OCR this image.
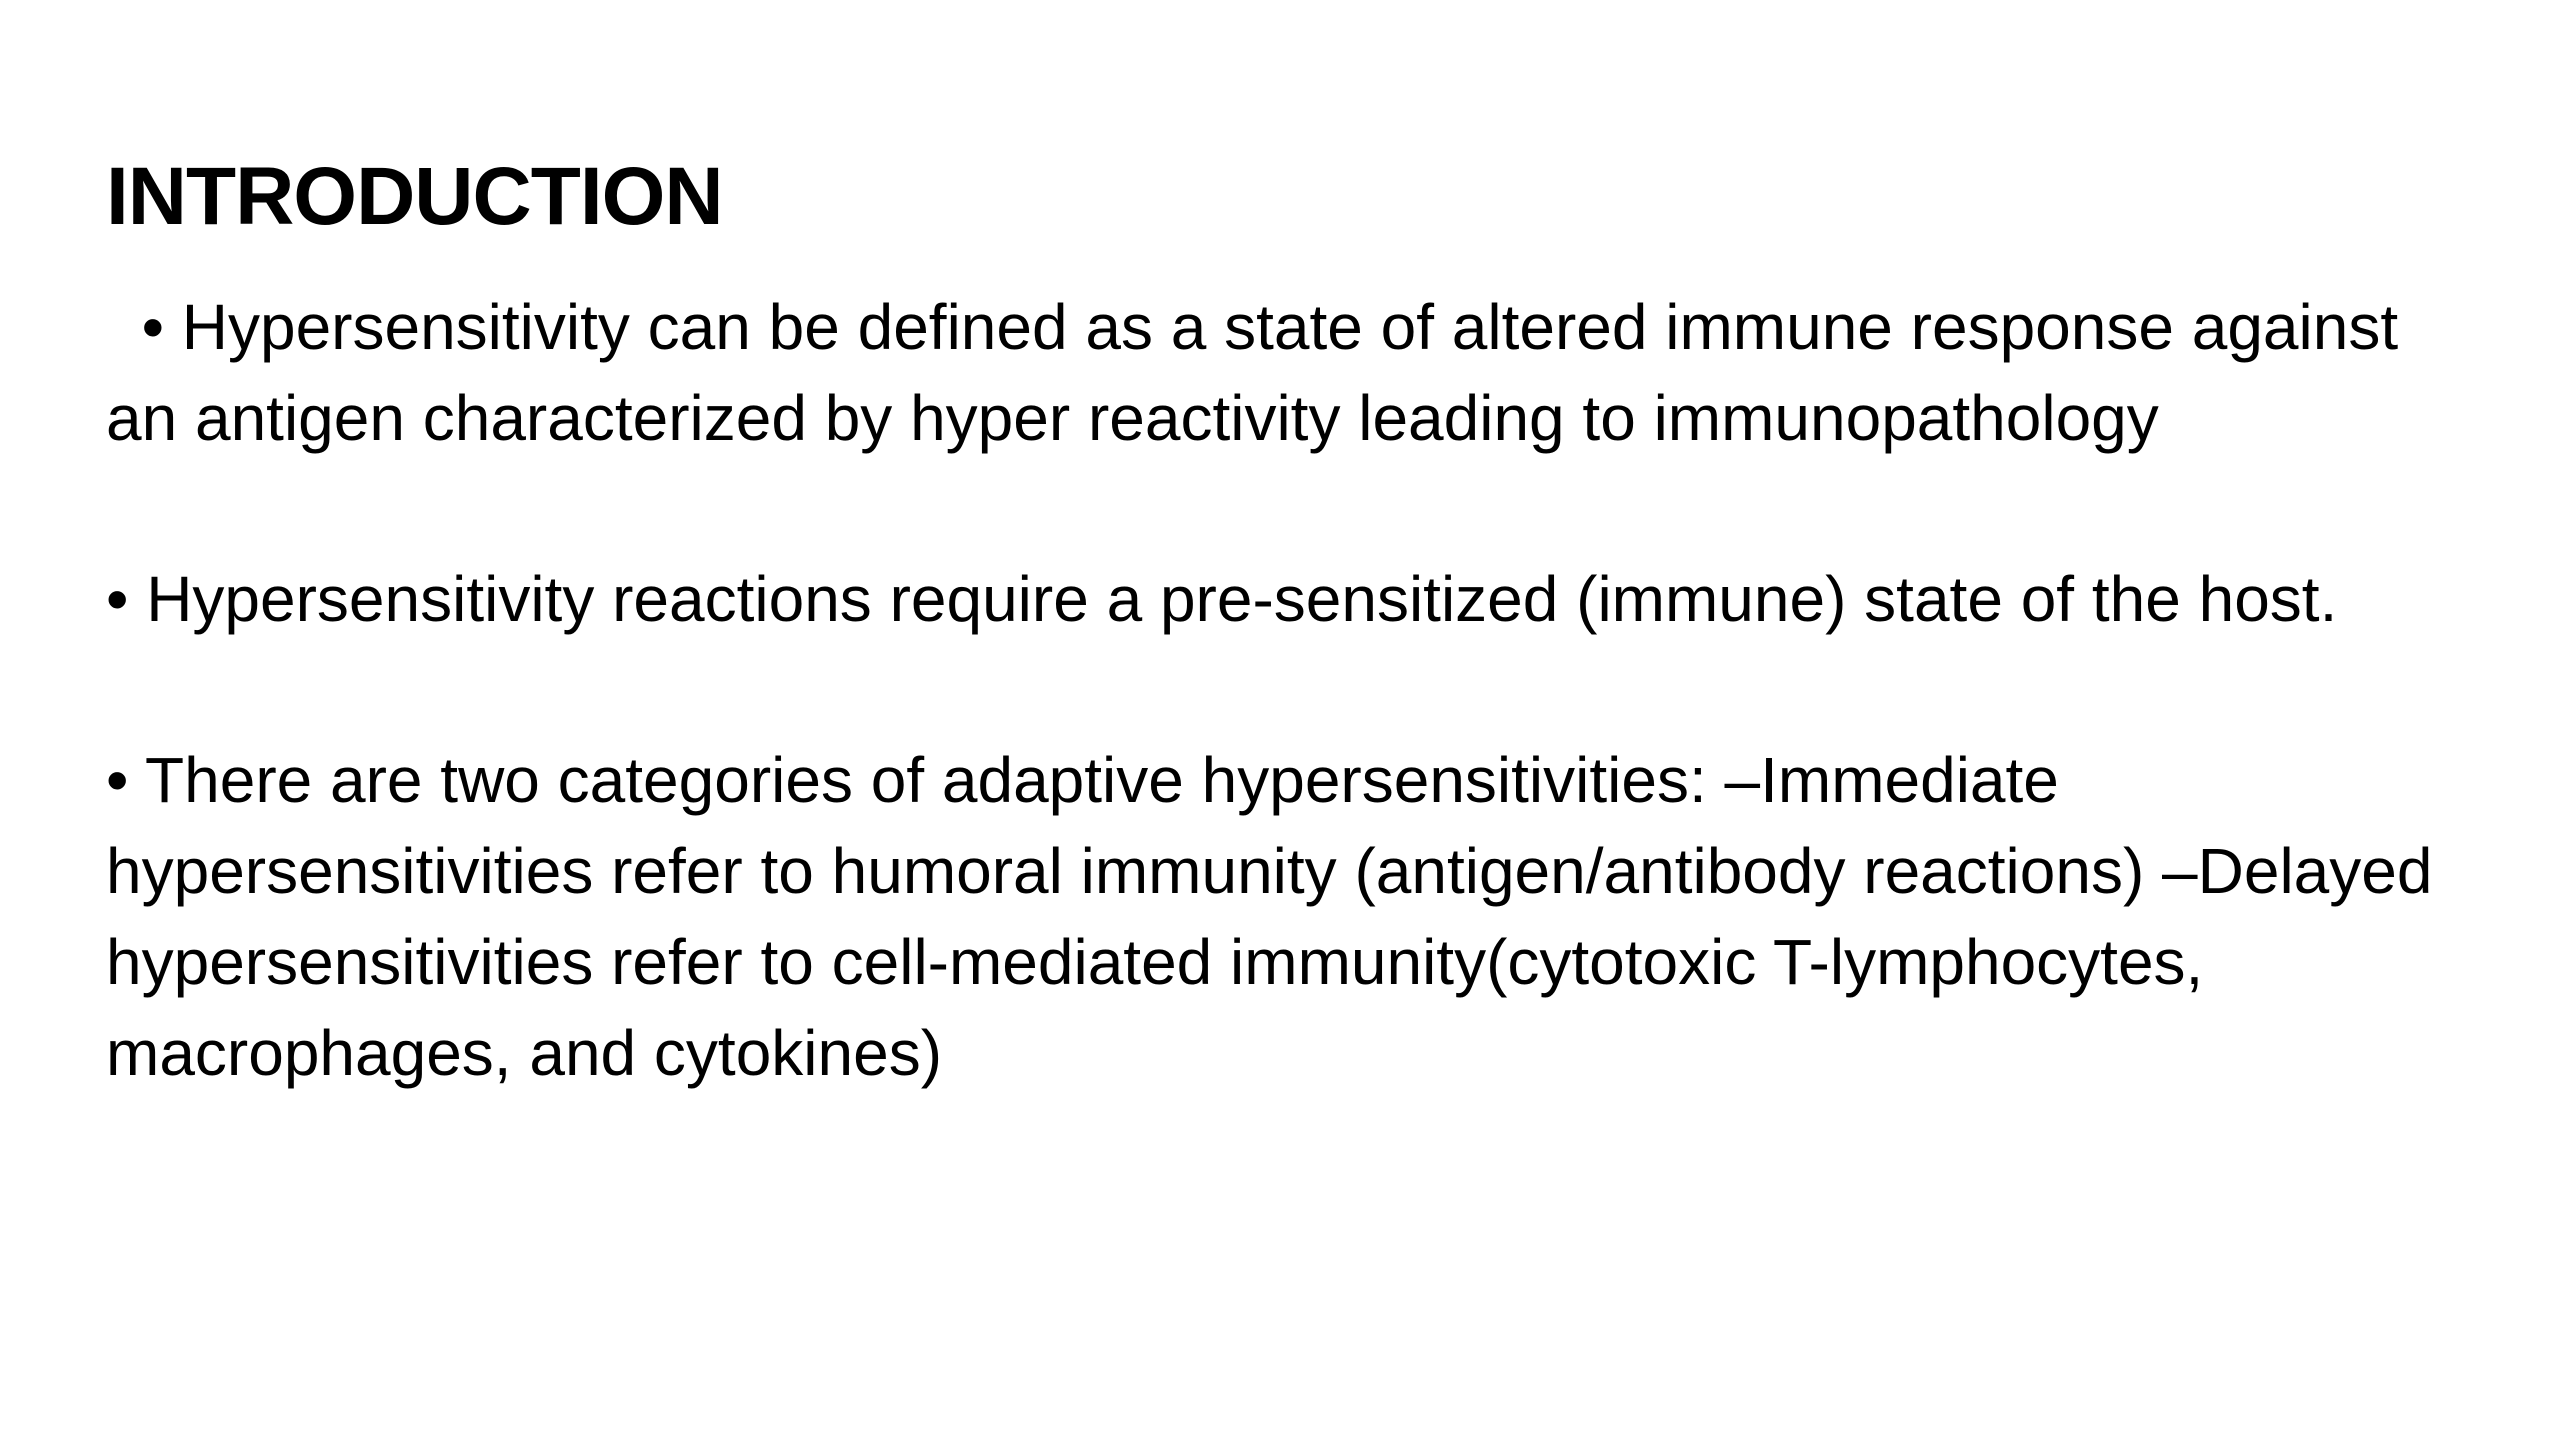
INTRODUCTION
• Hypersensitivity can be defined as a state of altered immune response against an antigen characterized by hyper reactivity leading to immunopathology
• Hypersensitivity reactions require a pre-sensitized (immune) state of the host.
• There are two categories of adaptive hypersensitivities: –Immediate hypersensitivities refer to humoral immunity (antigen/antibody reactions) –Delayed hypersensitivities refer to cell-mediated immunity(cytotoxic T-lymphocytes, macrophages, and cytokines)
